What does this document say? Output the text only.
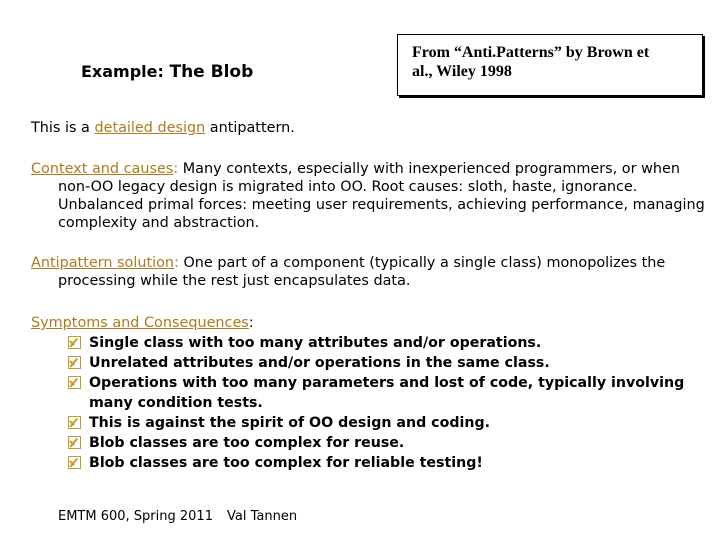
Example: The Blob
From “Anti.Patterns” by Brown et
al., Wiley 1998
This is a detailed design antipattern.
Context and causes: Many contexts, especially with inexperienced programmers, or when
non-OO legacy design is migrated into OO. Root causes: sloth, haste, ignorance.
Unbalanced primal forces: meeting user requirements, achieving performance, managing
complexity and abstraction.
Antipattern solution: One part of a component (typically a single class) monopolizes the
processing while the rest just encapsulates data.
Symptoms and Consequences:
Single class with too many attributes and/or operations.
Unrelated attributes and/or operations in the same class.
Operations with too many parameters and lost of code, typically involving
many condition tests.
This is against the spirit of OO design and coding.
Blob classes are too complex for reuse.
Blob classes are too complex for reliable testing!
EMTM 600, Spring 2011 Val Tannen
